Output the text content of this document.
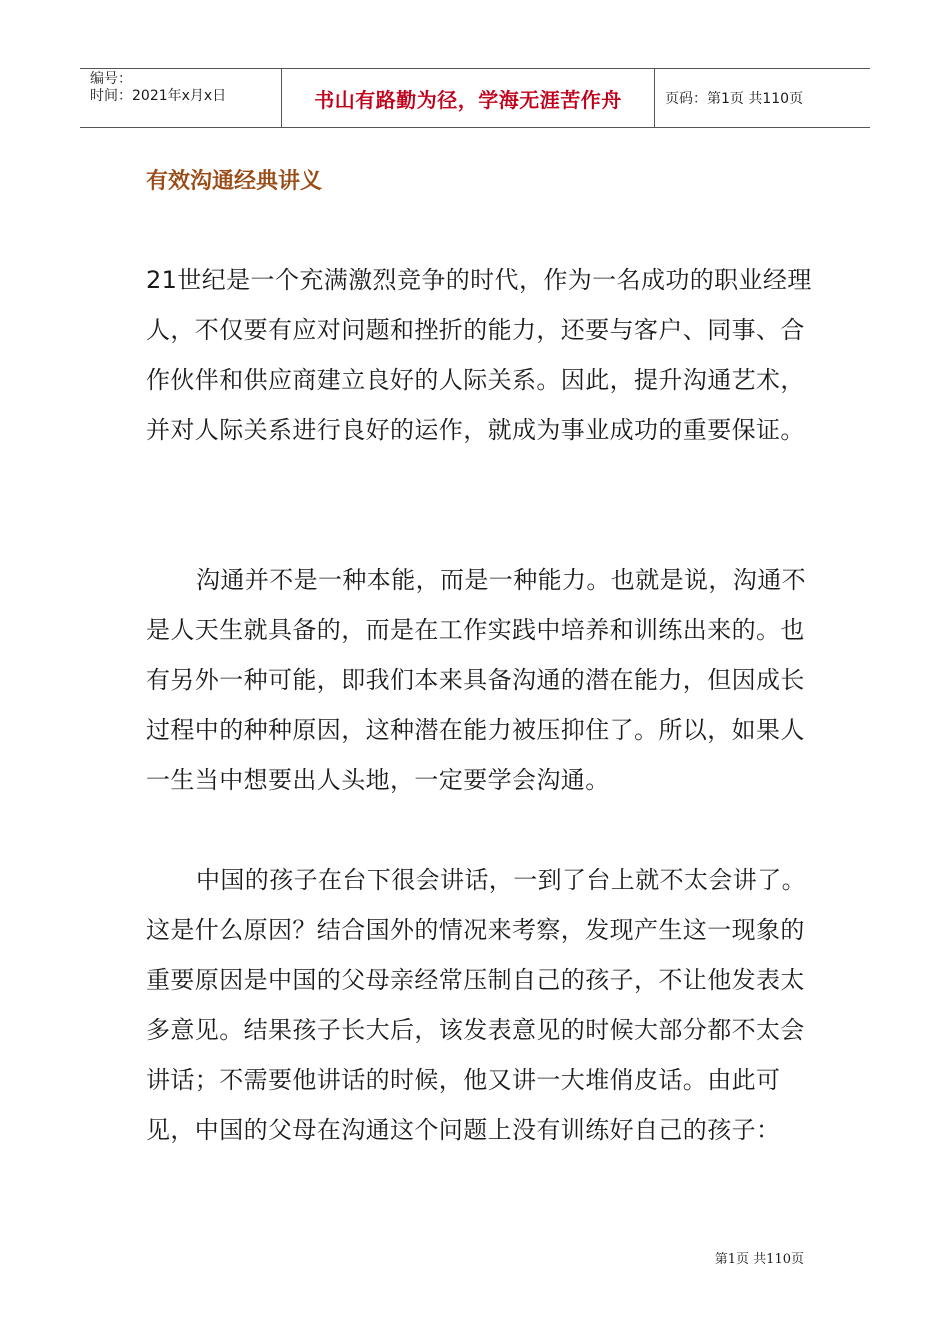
编号：
时间：2021年x月x日	书山有路勤为径，学海无涯苦作舟	页码：第1页 共110页
有效沟通经典讲义

21世纪是一个充满激烈竞争的时代，作为一名成功的职业经理人，不仅要有应对问题和挫折的能力，还要与客户、同事、合作伙伴和供应商建立良好的人际关系。因此，提升沟通艺术，并对人际关系进行良好的运作，就成为事业成功的重要保证。

沟通并不是一种本能，而是一种能力。也就是说，沟通不是人天生就具备的，而是在工作实践中培养和训练出来的。也有另外一种可能，即我们本来具备沟通的潜在能力，但因成长过程中的种种原因，这种潜在能力被压抑住了。所以，如果人一生当中想要出人头地，一定要学会沟通。

中国的孩子在台下很会讲话，一到了台上就不太会讲了。这是什么原因？结合国外的情况来考察，发现产生这一现象的重要原因是中国的父母亲经常压制自己的孩子，不让他发表太多意见。结果孩子长大后，该发表意见的时候大部分都不太会讲话；不需要他讲话的时候，他又讲一大堆俏皮话。由此可见，中国的父母在沟通这个问题上没有训练好自己的孩子：

第1页 共110页
